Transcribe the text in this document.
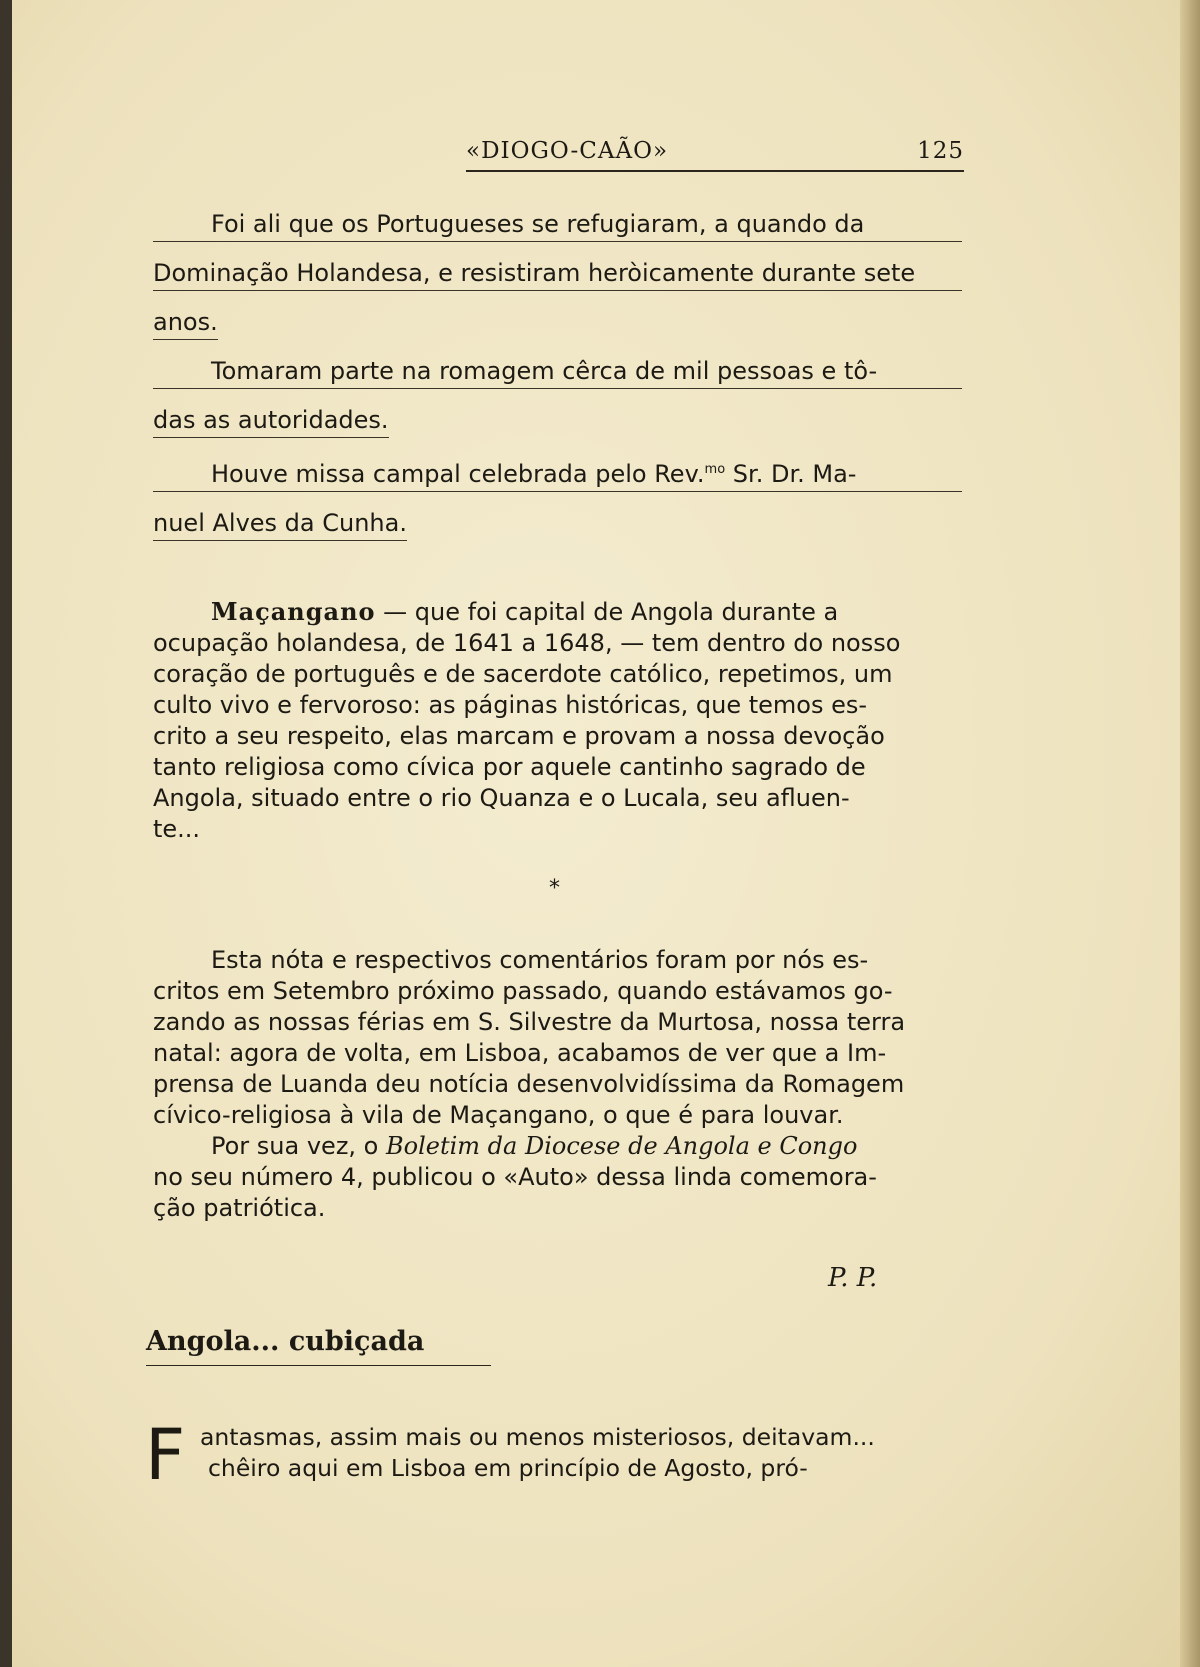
«DIOGO-CAÃO»	125
Foi ali que os Portugueses se refugiaram, a quando da
Dominação Holandesa, e resistiram heròicamente durante sete
anos.
Tomaram parte na romagem cêrca de mil pessoas e tô-
das as autoridades.
Houve missa campal celebrada pelo Rev.$^{mo}$ Sr. Dr. Ma-
nuel Alves da Cunha.
Maçangano — que foi capital de Angola durante a
ocupação holandesa, de 1641 a 1648, — tem dentro do nosso
coração de português e de sacerdote católico, repetimos, um
culto vivo e fervoroso: as páginas históricas, que temos es-
crito a seu respeito, elas marcam e provam a nossa devoção
tanto religiosa como cívica por aquele cantinho sagrado de
Angola, situado entre o rio Quanza e o Lucala, seu afluen-
te...
*
Esta nóta e respectivos comentários foram por nós es-
critos em Setembro próximo passado, quando estávamos go-
zando as nossas férias em S. Silvestre da Murtosa, nossa terra
natal: agora de volta, em Lisboa, acabamos de ver que a Im-
prensa de Luanda deu notícia desenvolvidíssima da Romagem
cívico-religiosa à vila de Maçangano, o que é para louvar.
Por sua vez, o Boletim da Diocese de Angola e Congo
no seu número 4, publicou o «Auto» dessa linda comemora-
ção patriótica.
P. P.
Angola... cubiçada
F antasmas, assim mais ou menos misteriosos, deitavam...
chêiro aqui em Lisboa em princípio de Agosto, pró-
